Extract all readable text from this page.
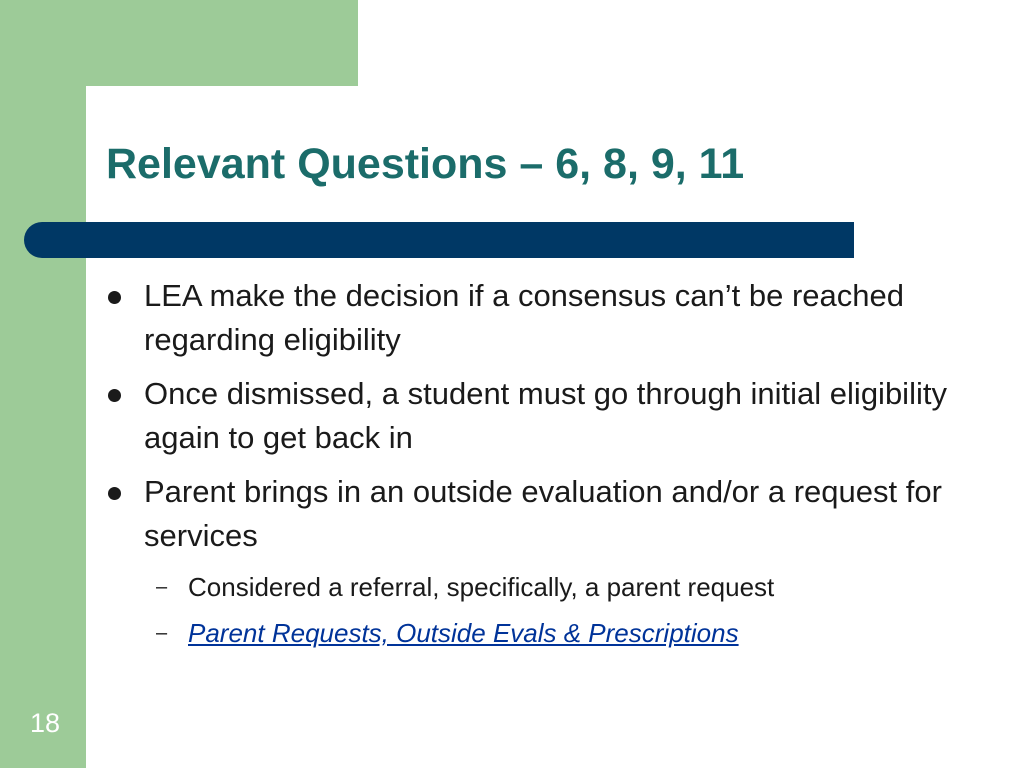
Relevant Questions – 6, 8, 9, 11
LEA make the decision if a consensus can’t be reached regarding eligibility
Once dismissed, a student must go through initial eligibility again to get back in
Parent brings in an outside evaluation and/or a request for services
– Considered a referral, specifically, a parent request
– Parent Requests, Outside Evals & Prescriptions
18
